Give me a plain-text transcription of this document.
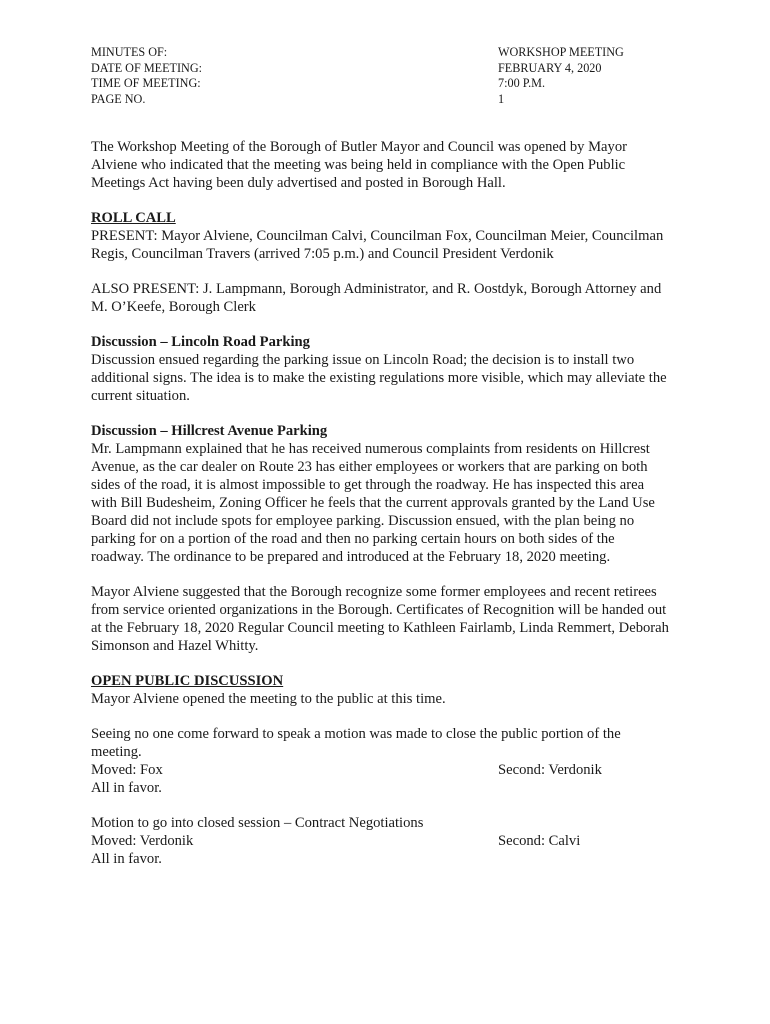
MINUTES OF:
DATE OF MEETING:
TIME OF MEETING:
PAGE NO.
WORKSHOP MEETING
FEBRUARY 4, 2020
7:00 P.M.
1

The Workshop Meeting of the Borough of Butler Mayor and Council was opened by Mayor Alviene who indicated that the meeting was being held in compliance with the Open Public Meetings Act having been duly advertised and posted in Borough Hall.

ROLL CALL
PRESENT: Mayor Alviene, Councilman Calvi, Councilman Fox, Councilman Meier, Councilman Regis, Councilman Travers (arrived 7:05 p.m.) and Council President Verdonik

ALSO PRESENT: J. Lampmann, Borough Administrator, and R. Oostdyk, Borough Attorney and M. O’Keefe, Borough Clerk

Discussion – Lincoln Road Parking
Discussion ensued regarding the parking issue on Lincoln Road; the decision is to install two additional signs. The idea is to make the existing regulations more visible, which may alleviate the current situation.
Discussion – Hillcrest Avenue Parking
Mr. Lampmann explained that he has received numerous complaints from residents on Hillcrest Avenue, as the car dealer on Route 23 has either employees or workers that are parking on both sides of the road, it is almost impossible to get through the roadway. He has inspected this area with Bill Budesheim, Zoning Officer he feels that the current approvals granted by the Land Use Board did not include spots for employee parking. Discussion ensued, with the plan being no parking for on a portion of the road and then no parking certain hours on both sides of the roadway. The ordinance to be prepared and introduced at the February 18, 2020 meeting.

Mayor Alviene suggested that the Borough recognize some former employees and recent retirees from service oriented organizations in the Borough. Certificates of Recognition will be handed out at the February 18, 2020 Regular Council meeting to Kathleen Fairlamb, Linda Remmert, Deborah Simonson and Hazel Whitty.

OPEN PUBLIC DISCUSSION
Mayor Alviene opened the meeting to the public at this time.
Seeing no one come forward to speak a motion was made to close the public portion of the meeting.
Moved: Fox	Second: Verdonik
All in favor.
Motion to go into closed session – Contract Negotiations
Moved: Verdonik	Second: Calvi
All in favor.
